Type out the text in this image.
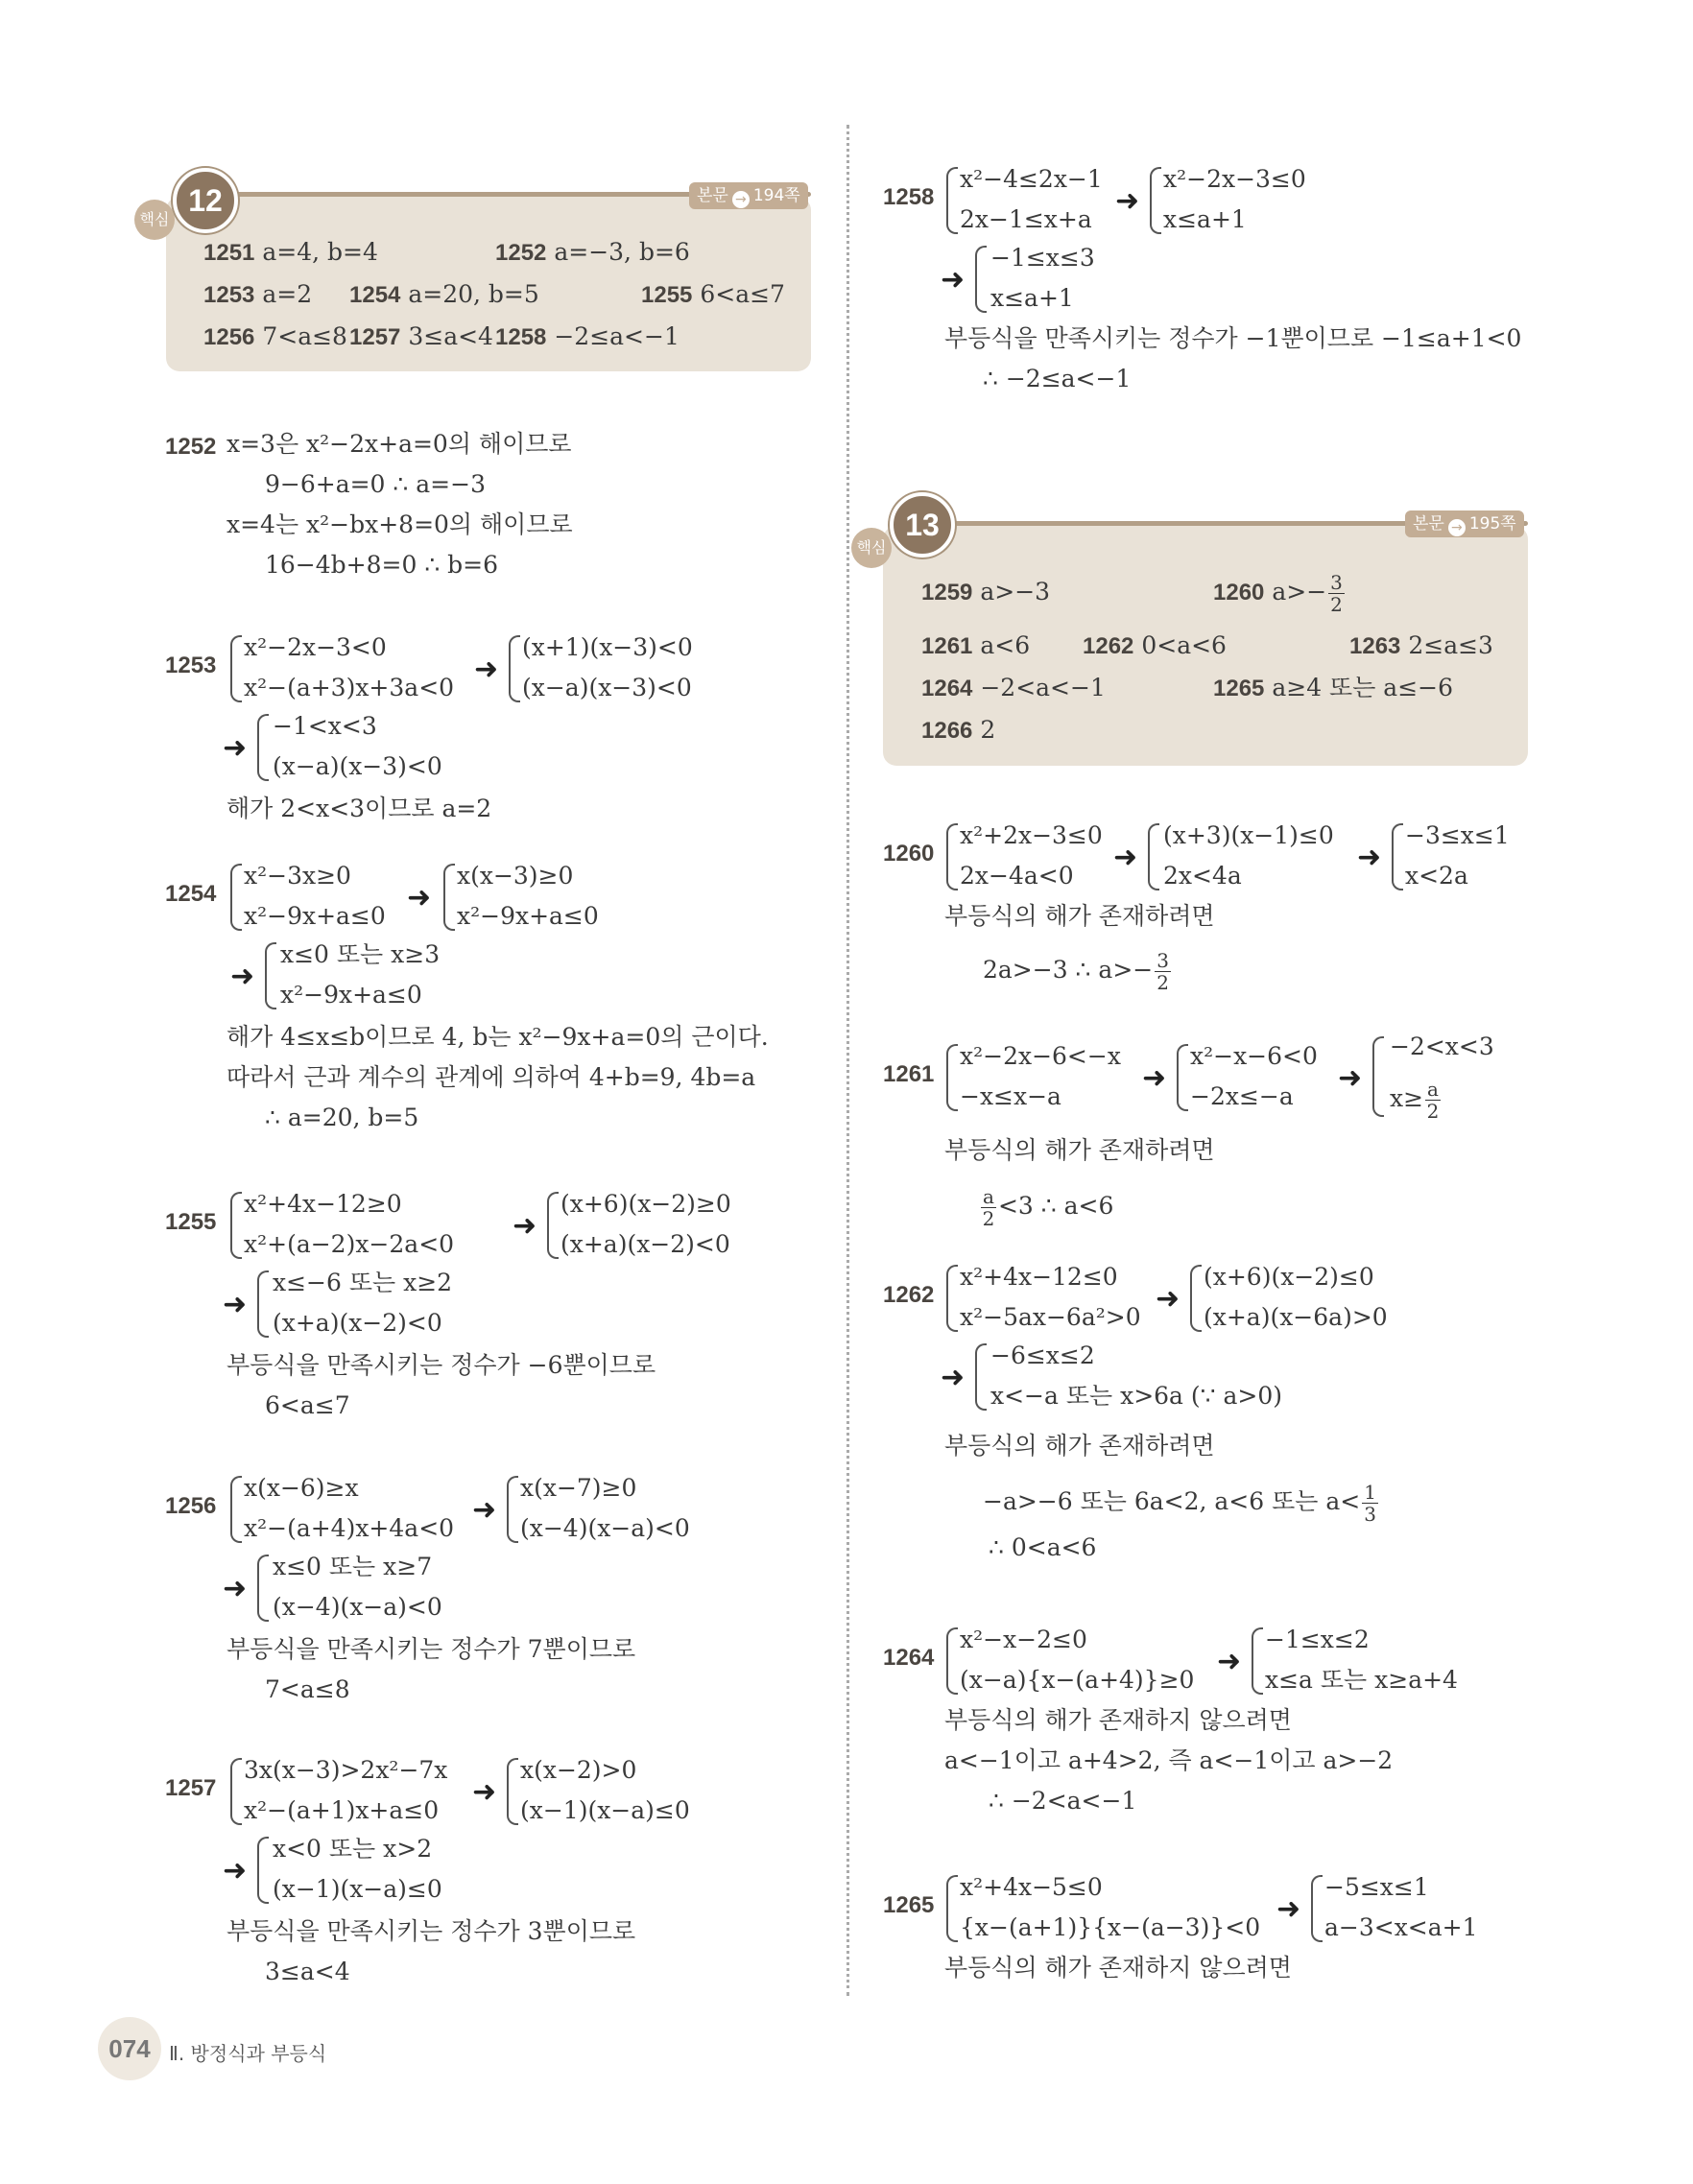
12
핵심
본문 → 194쪽
1251 a=4, b=4	1252 a=−3, b=6
1253 a=2 1254 a=20, b=5	1255 6<a≤7
1256 7<a≤8 1257 3≤a<4 1258 −2≤a<−1
1252 x=3은 x²−2x+a=0의 해이므로
9−6+a=0 ∴ a=−3
x=4는 x²−bx+8=0의 해이므로
16−4b+8=0 ∴ b=6
1253
x²−2x−3<0
x²−(a+3)x+3a<0
➜
(x+1)(x−3)<0
(x−a)(x−3)<0
➜
−1<x<3
(x−a)(x−3)<0
해가 2<x<3이므로 a=2
1254
x²−3x≥0
x²−9x+a≤0
➜
x(x−3)≥0
x²−9x+a≤0
➜
x≤0 또는 x≥3
x²−9x+a≤0
해가 4≤x≤b이므로 4, b는 x²−9x+a=0의 근이다.
따라서 근과 계수의 관계에 의하여 4+b=9, 4b=a
∴ a=20, b=5
1255
x²+4x−12≥0
x²+(a−2)x−2a<0
➜
(x+6)(x−2)≥0
(x+a)(x−2)<0
➜
x≤−6 또는 x≥2
(x+a)(x−2)<0
부등식을 만족시키는 정수가 −6뿐이므로
6<a≤7
1256
x(x−6)≥x
x²−(a+4)x+4a<0
➜
x(x−7)≥0
(x−4)(x−a)<0
➜
x≤0 또는 x≥7
(x−4)(x−a)<0
부등식을 만족시키는 정수가 7뿐이므로
7<a≤8
1257
3x(x−3)>2x²−7x
x²−(a+1)x+a≤0
➜
x(x−2)>0
(x−1)(x−a)≤0
➜
x<0 또는 x>2
(x−1)(x−a)≤0
부등식을 만족시키는 정수가 3뿐이므로
3≤a<4
1258
x²−4≤2x−1
2x−1≤x+a
➜
x²−2x−3≤0
x≤a+1
➜
−1≤x≤3
x≤a+1
부등식을 만족시키는 정수가 −1뿐이므로 −1≤a+1<0
∴ −2≤a<−1
13
핵심
본문 → 195쪽
1259 a>−3	1260 $a>- \frac{3}{2}$
1261 a<6 1262 0<a<6	1263 2≤a≤3
1264 −2<a<−1	1265 a≥4 또는 a≤−6
1266 2
1260
x²+2x−3≤0
2x−4a<0
➜
(x+3)(x−1)≤0
2x<4a
➜
−3≤x≤1
x<2a
부등식의 해가 존재하려면
2a>−3 ∴ $a>- \frac{3}{2}$
1261
x²−2x−6<−x
−x≤x−a
➜
x²−x−6<0
−2x≤−a
➜
−2<x<3
$x\ge \frac{a}{2}$
부등식의 해가 존재하려면
$\frac{a}{2} <3$ ∴ a<6
1262
x²+4x−12≤0
x²−5ax−6a²>0
➜
(x+6)(x−2)≤0
(x+a)(x−6a)>0
➜
−6≤x≤2
x<−a 또는 x>6a (∵ a>0)
부등식의 해가 존재하려면
−a>−6 또는 6a<2, a<6 또는 $a< \frac{1}{3}$
∴ 0<a<6
1264
x²−x−2≤0
(x−a){x−(a+4)}≥0
➜
−1≤x≤2
x≤a 또는 x≥a+4
부등식의 해가 존재하지 않으려면
a<−1이고 a+4>2, 즉 a<−1이고 a>−2
∴ −2<a<−1
1265
x²+4x−5≤0
{x−(a+1)}{x−(a−3)}<0
➜
−5≤x≤1
a−3<x<a+1
부등식의 해가 존재하지 않으려면
074 Ⅱ. 방정식과 부등식
